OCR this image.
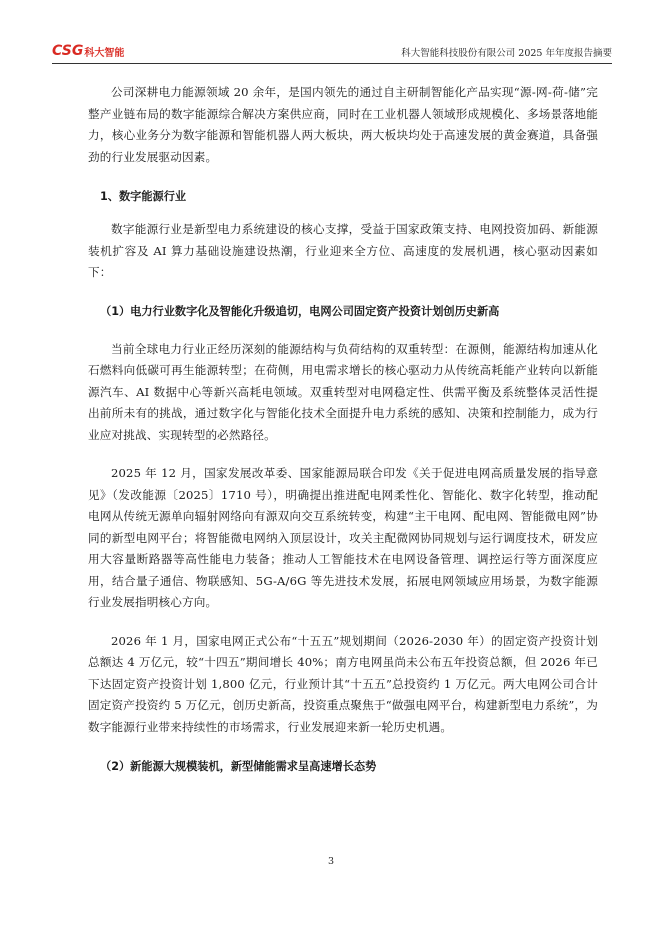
CSG 科大智能	科大智能科技股份有限公司 2025 年年度报告摘要

公司深耕电力能源领域 20 余年，是国内领先的通过自主研制智能化产品实现“源-网-荷-储”完整产业链布局的数字能源综合解决方案供应商，同时在工业机器人领域形成规模化、多场景落地能力，核心业务分为数字能源和智能机器人两大板块，两大板块均处于高速发展的黄金赛道，具备强劲的行业发展驱动因素。

1、数字能源行业

数字能源行业是新型电力系统建设的核心支撑，受益于国家政策支持、电网投资加码、新能源装机扩容及 AI 算力基础设施建设热潮，行业迎来全方位、高速度的发展机遇，核心驱动因素如下：

（1）电力行业数字化及智能化升级追切，电网公司固定资产投资计划创历史新高

当前全球电力行业正经历深刻的能源结构与负荷结构的双重转型：在源侧，能源结构加速从化石燃料向低碳可再生能源转型；在荷侧，用电需求增长的核心驱动力从传统高耗能产业转向以新能源汽车、AI 数据中心等新兴高耗电领域。双重转型对电网稳定性、供需平衡及系统整体灵活性提出前所未有的挑战，通过数字化与智能化技术全面提升电力系统的感知、决策和控制能力，成为行业应对挑战、实现转型的必然路径。

2025 年 12 月，国家发展改革委、国家能源局联合印发《关于促进电网高质量发展的指导意见》（发改能源〔2025〕1710 号），明确提出推进配电网柔性化、智能化、数字化转型，推动配电网从传统无源单向辐射网络向有源双向交互系统转变，构建“主干电网、配电网、智能微电网”协同的新型电网平台；将智能微电网纳入顶层设计，攻关主配微网协同规划与运行调度技术，研发应用大容量断路器等高性能电力装备；推动人工智能技术在电网设备管理、调控运行等方面深度应用，结合量子通信、物联感知、5G-A/6G 等先进技术发展，拓展电网领域应用场景，为数字能源行业发展指明核心方向。

2026 年 1 月，国家电网正式公布“十五五”规划期间（2026-2030 年）的固定资产投资计划总额达 4 万亿元，较“十四五”期间增长 40%；南方电网虽尚未公布五年投资总额，但 2026 年已下达固定资产投资计划 1,800 亿元，行业预计其“十五五”总投资约 1 万亿元。两大电网公司合计固定资产投资约 5 万亿元，创历史新高，投资重点聚焦于“做强电网平台，构建新型电力系统”，为数字能源行业带来持续性的市场需求，行业发展迎来新一轮历史机遇。

（2）新能源大规模装机，新型储能需求呈高速增长态势

3
